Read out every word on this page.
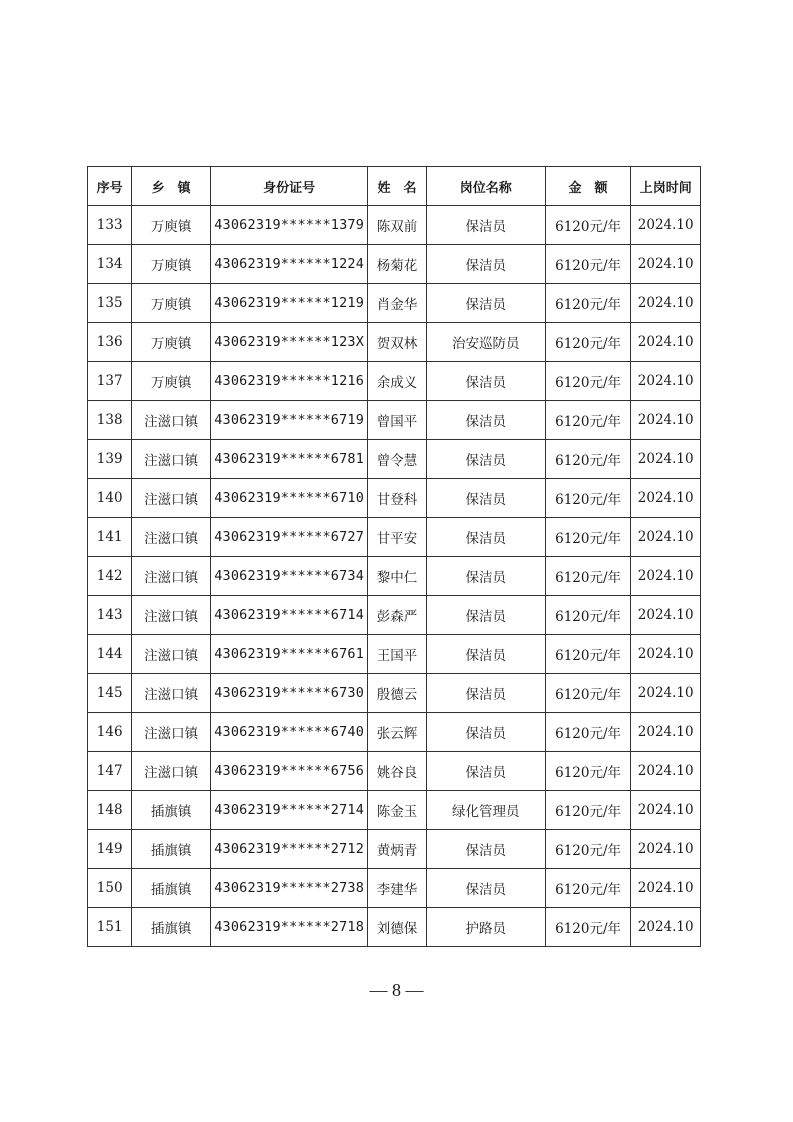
序号	乡　镇	身份证号	姓　名	岗位名称	金　额	上岗时间
133	万庾镇	43062319******1379	陈双前	保洁员	6120元/年	2024.10
134	万庾镇	43062319******1224	杨菊花	保洁员	6120元/年	2024.10
135	万庾镇	43062319******1219	肖金华	保洁员	6120元/年	2024.10
136	万庾镇	43062319******123X	贺双林	治安巡防员	6120元/年	2024.10
137	万庾镇	43062319******1216	余成义	保洁员	6120元/年	2024.10
138	注滋口镇	43062319******6719	曾国平	保洁员	6120元/年	2024.10
139	注滋口镇	43062319******6781	曾令慧	保洁员	6120元/年	2024.10
140	注滋口镇	43062319******6710	甘登科	保洁员	6120元/年	2024.10
141	注滋口镇	43062319******6727	甘平安	保洁员	6120元/年	2024.10
142	注滋口镇	43062319******6734	黎中仁	保洁员	6120元/年	2024.10
143	注滋口镇	43062319******6714	彭森严	保洁员	6120元/年	2024.10
144	注滋口镇	43062319******6761	王国平	保洁员	6120元/年	2024.10
145	注滋口镇	43062319******6730	殷德云	保洁员	6120元/年	2024.10
146	注滋口镇	43062319******6740	张云辉	保洁员	6120元/年	2024.10
147	注滋口镇	43062319******6756	姚谷良	保洁员	6120元/年	2024.10
148	插旗镇	43062319******2714	陈金玉	绿化管理员	6120元/年	2024.10
149	插旗镇	43062319******2712	黄炳青	保洁员	6120元/年	2024.10
150	插旗镇	43062319******2738	李建华	保洁员	6120元/年	2024.10
151	插旗镇	43062319******2718	刘德保	护路员	6120元/年	2024.10
— 8 —
